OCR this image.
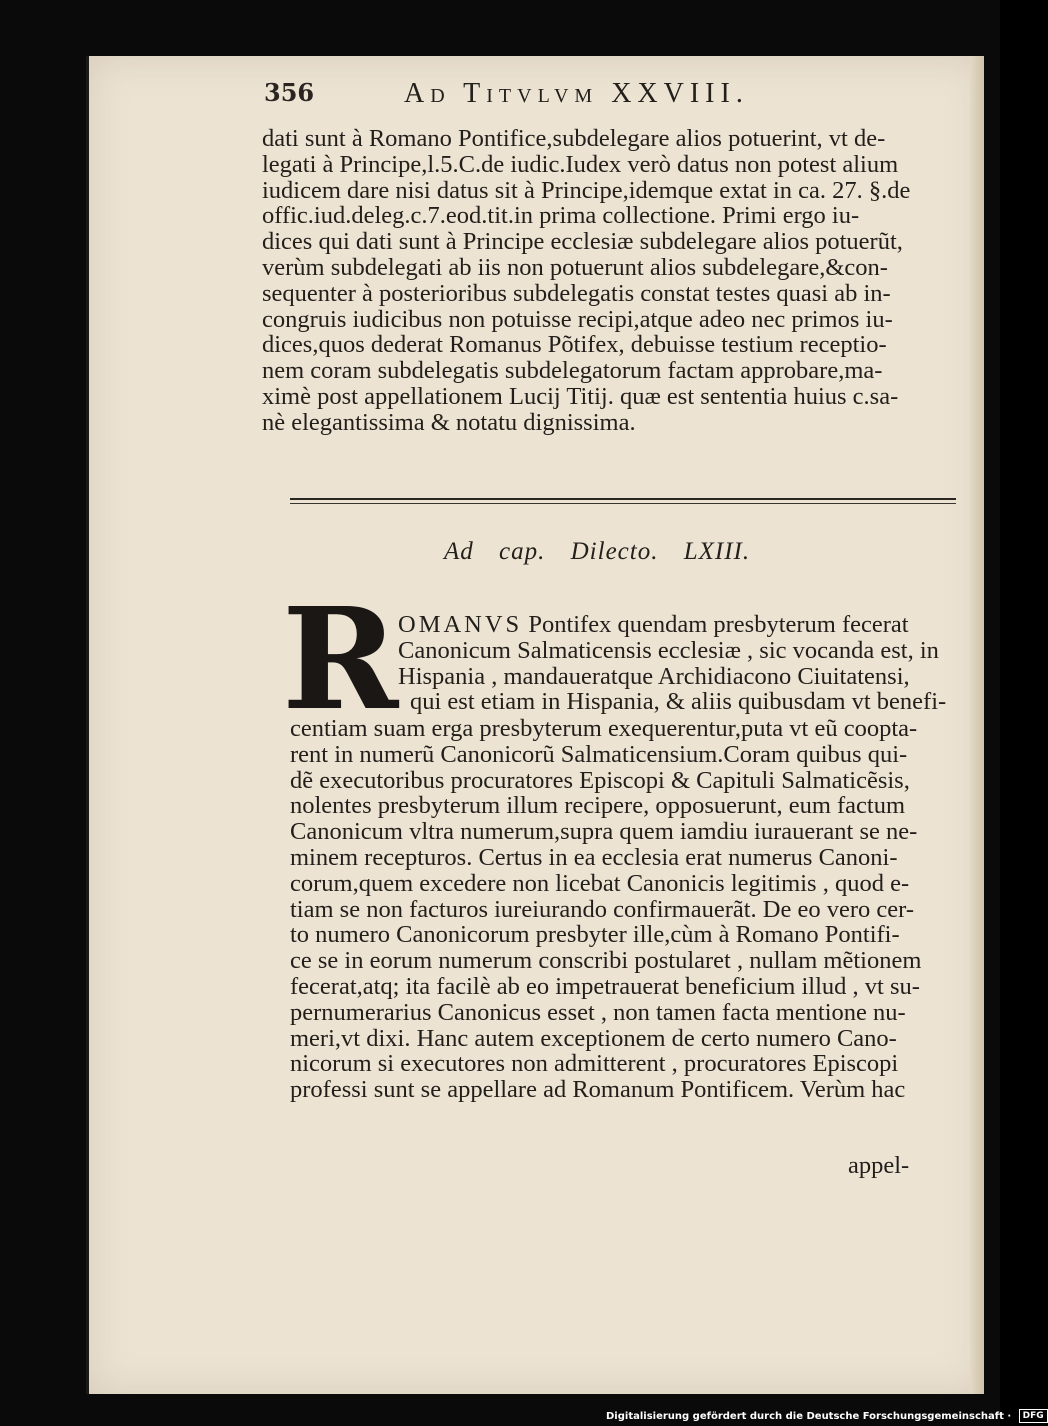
356	Ad Titvlvm XXVIII.
dati sunt à Romano Pontifice,subdelegare alios potuerint, vt de-
legati à Principe,l.5.C.de iudic.Iudex verò datus non potest alium
iudicem dare nisi datus sit à Principe,idemque extat in ca. 27. §.de
offic.iud.deleg.c.7.eod.tit.in prima collectione. Primi ergo iu-
dices qui dati sunt à Principe ecclesiæ subdelegare alios potuerũt,
verùm subdelegati ab iis non potuerunt alios subdelegare,&con-
sequenter à posterioribus subdelegatis constat testes quasi ab in-
congruis iudicibus non potuisse recipi,atque adeo nec primos iu-
dices,quos dederat Romanus Põtifex, debuisse testium receptio-
nem coram subdelegatis subdelegatorum factam approbare,ma-
ximè post appellationem Lucij Titij. quæ est sententia huius c.sa-
nè elegantissima & notatu dignissima.
Ad cap. Dilecto. LXIII.
R OMANVS Pontifex quendam presbyterum fecerat
Canonicum Salmaticensis ecclesiæ , sic vocanda est, in
Hispania , mandaueratque Archidiacono Ciuitatensi,
qui est etiam in Hispania, & aliis quibusdam vt benefi-
centiam suam erga presbyterum exequerentur,puta vt eũ coopta-
rent in numerũ Canonicorũ Salmaticensium.Coram quibus qui-
dẽ executoribus procuratores Episcopi & Capituli Salmaticẽsis,
nolentes presbyterum illum recipere, opposuerunt, eum factum
Canonicum vltra numerum,supra quem iamdiu iurauerant se ne-
minem recepturos. Certus in ea ecclesia erat numerus Canoni-
corum,quem excedere non licebat Canonicis legitimis , quod e-
tiam se non facturos iureiurando confirmauerãt. De eo vero cer-
to numero Canonicorum presbyter ille,cùm à Romano Pontifi-
ce se in eorum numerum conscribi postularet , nullam mẽtionem
fecerat,atq; ita facilè ab eo impetrauerat beneficium illud , vt su-
pernumerarius Canonicus esset , non tamen facta mentione nu-
meri,vt dixi. Hanc autem exceptionem de certo numero Cano-
nicorum si executores non admitterent , procuratores Episcopi
professi sunt se appellare ad Romanum Pontificem. Verùm hac
appel-
Digitalisierung gefördert durch die Deutsche Forschungsgemeinschaft · DFG
